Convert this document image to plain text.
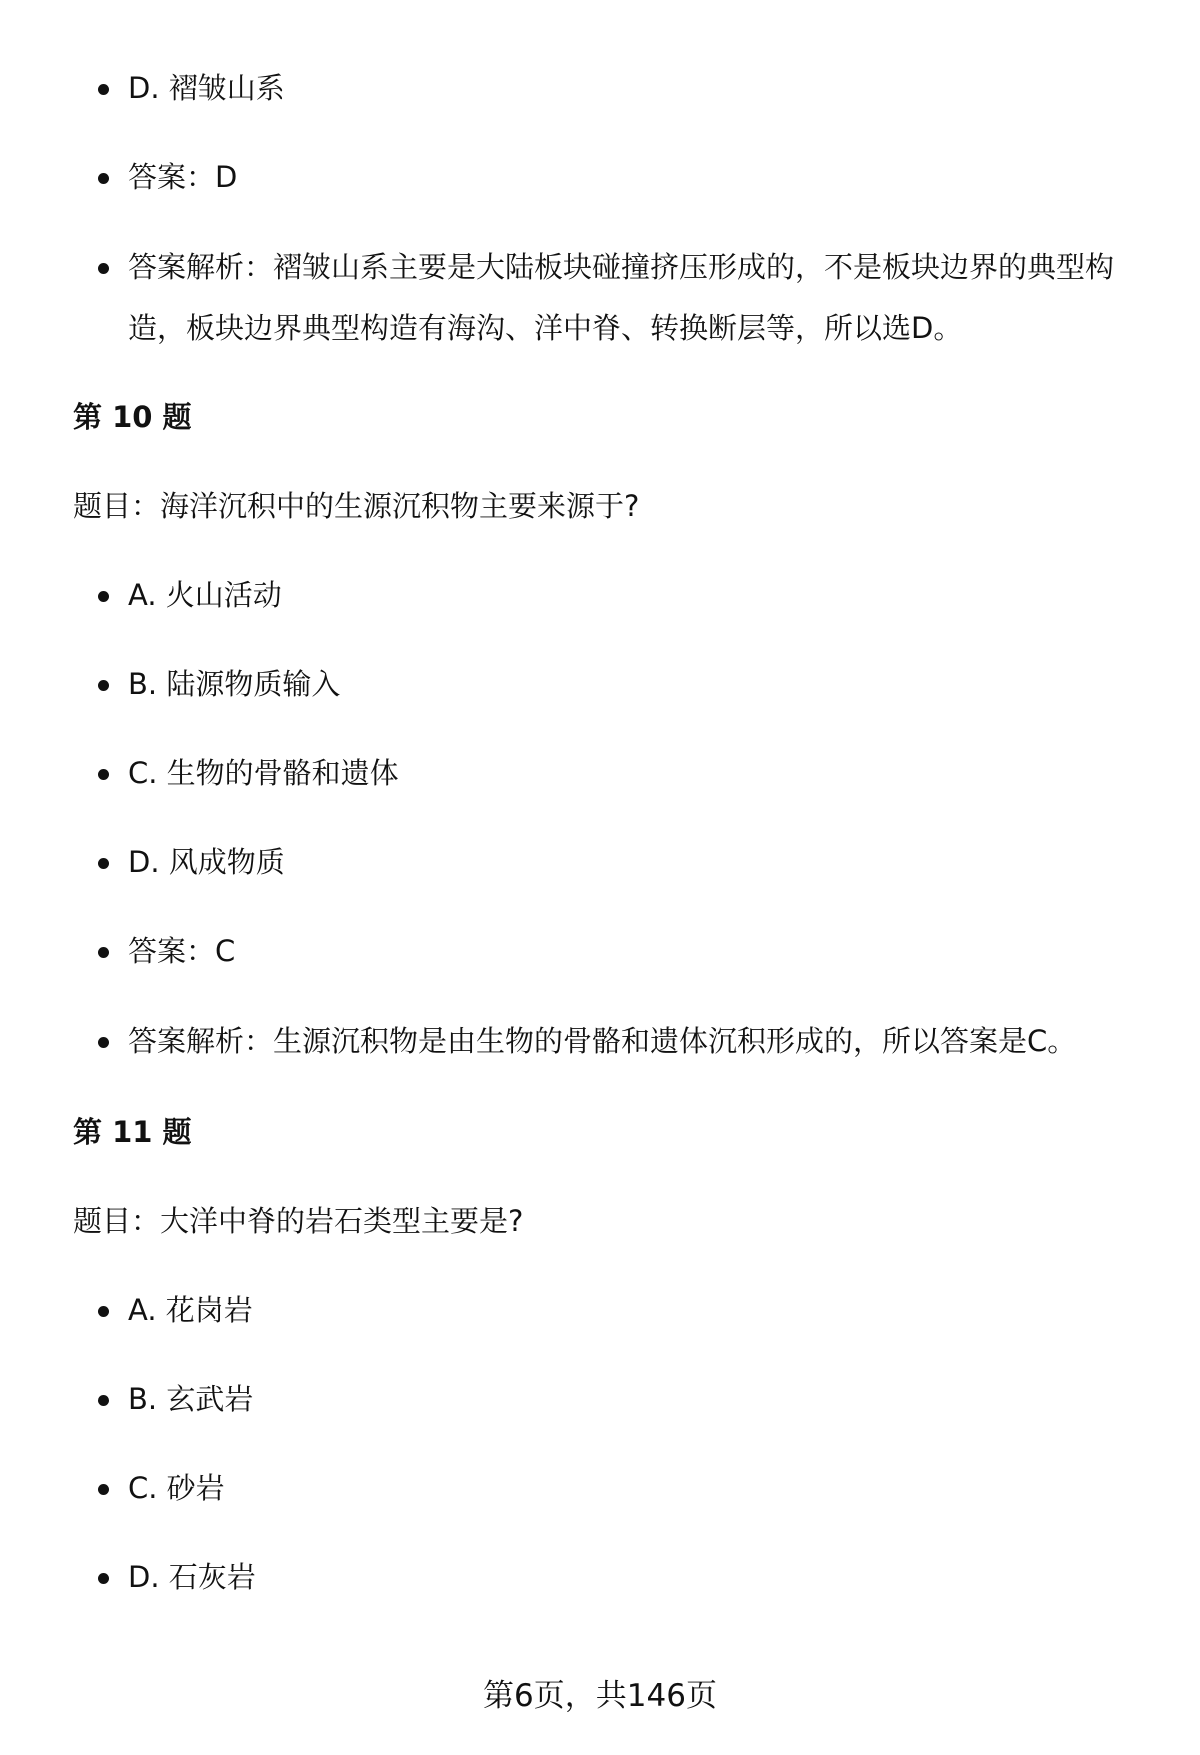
D. 褶皱山系
答案：D
答案解析：褶皱山系主要是大陆板块碰撞挤压形成的，不是板块边界的典型构造，板块边界典型构造有海沟、洋中脊、转换断层等，所以选D。
第 10 题
题目：海洋沉积中的生源沉积物主要来源于?
A. 火山活动
B. 陆源物质输入
C. 生物的骨骼和遗体
D. 风成物质
答案：C
答案解析：生源沉积物是由生物的骨骼和遗体沉积形成的，所以答案是C。
第 11 题
题目：大洋中脊的岩石类型主要是?
A. 花岗岩
B. 玄武岩
C. 砂岩
D. 石灰岩
第6页，共146页
